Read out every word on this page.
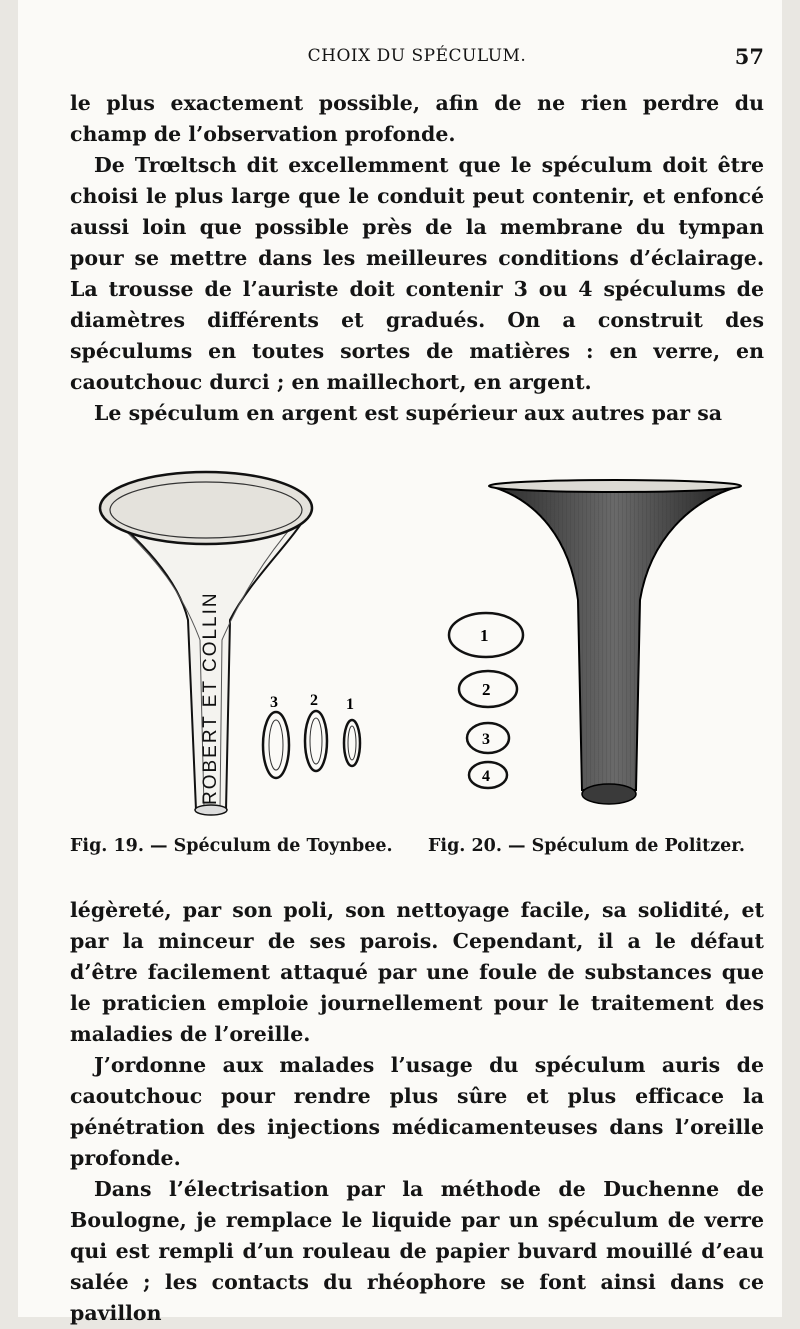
CHOIX DU SPÉCULUM.	57

le plus exactement possible, afin de ne rien perdre du champ de l’observation profonde.

De Trœltsch dit excellemment que le spéculum doit être choisi le plus large que le conduit peut contenir, et enfoncé aussi loin que possible près de la membrane du tympan pour se mettre dans les meilleures conditions d’éclairage. La trousse de l’auriste doit contenir 3 ou 4 spéculums de diamètres différents et gradués. On a construit des spéculums en toutes sortes de matières : en verre, en caoutchouc durci ; en maillechort, en argent.

Le spéculum en argent est supérieur aux autres par sa

ROBERT ET COLLIN	3 2 1
1
2
3
4
Fig. 19. — Spéculum de Toynbee. Fig. 20. — Spéculum de Politzer.

légèreté, par son poli, son nettoyage facile, sa solidité, et par la minceur de ses parois. Cependant, il a le défaut d’être facilement attaqué par une foule de substances que le praticien emploie journellement pour le traitement des maladies de l’oreille.

J’ordonne aux malades l’usage du spéculum auris de caoutchouc pour rendre plus sûre et plus efficace la pénétration des injections médicamenteuses dans l’oreille profonde.

Dans l’électrisation par la méthode de Duchenne de Boulogne, je remplace le liquide par un spéculum de verre qui est rempli d’un rouleau de papier buvard mouillé d’eau salée ; les contacts du rhéophore se font ainsi dans ce pavillon
